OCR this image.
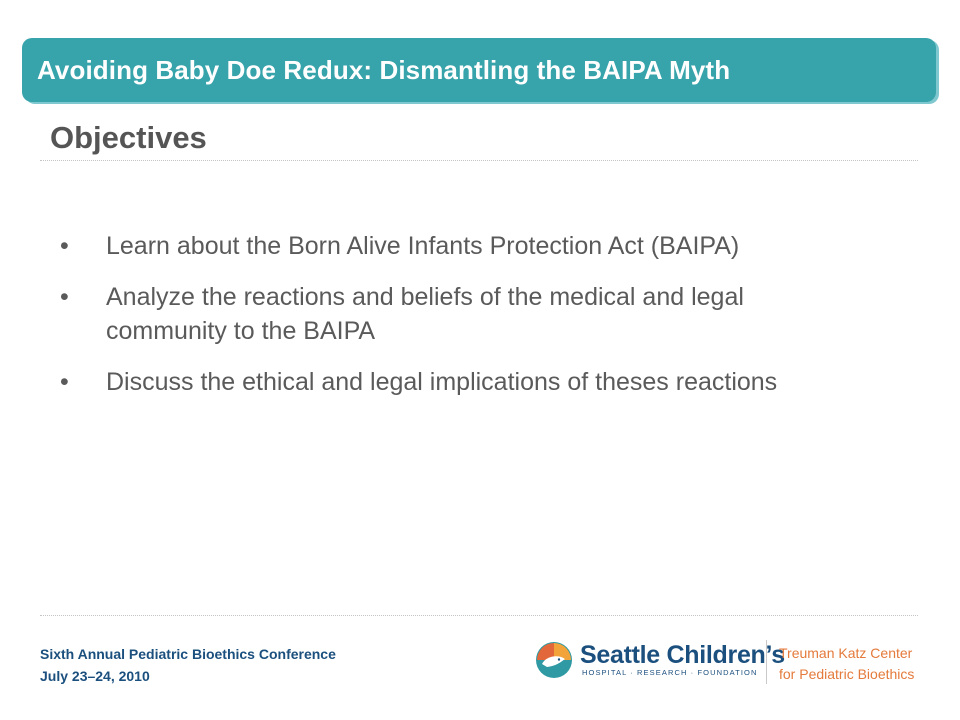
Avoiding Baby Doe Redux: Dismantling the BAIPA Myth
Objectives
•	Learn about the Born Alive Infants Protection Act (BAIPA)
•	Analyze the reactions and beliefs of the medical and legal community to the BAIPA
•	Discuss the ethical and legal implications of theses reactions
Sixth Annual Pediatric Bioethics Conference
July 23–24, 2010
Seattle Children’s
HOSPITAL · RESEARCH · FOUNDATION
Treuman Katz Center
for Pediatric Bioethics
